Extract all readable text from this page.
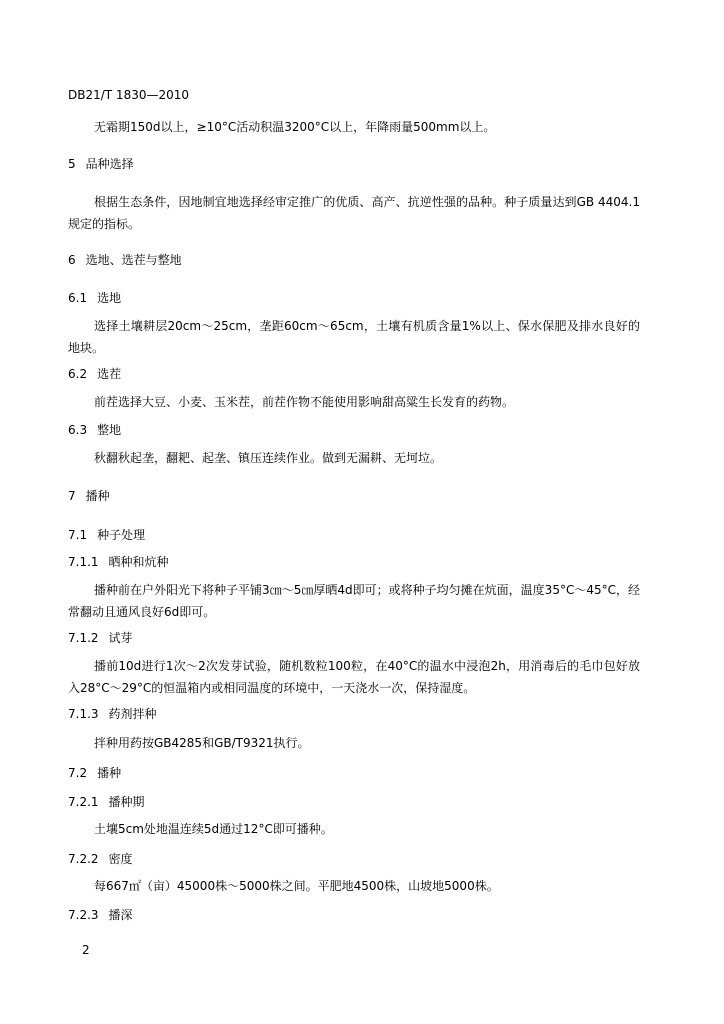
DB21/T 1830—2010
无霜期150d以上，≥10°C活动积温3200°C以上，年降雨量500mm以上。
5 品种选择
根据生态条件，因地制宜地选择经审定推广的优质、高产、抗逆性强的品种。种子质量达到GB 4404.1规定的指标。
6 选地、选茬与整地
6.1 选地
选择土壤耕层20cm～25cm，垄距60cm～65cm，土壤有机质含量1%以上、保水保肥及排水良好的地块。
6.2 选茬
前茬选择大豆、小麦、玉米茬，前茬作物不能使用影响甜高粱生长发育的药物。
6.3 整地
秋翻秋起垄，翻耙、起垄、镇压连续作业。做到无漏耕、无坷垃。
7 播种
7.1 种子处理
7.1.1 晒种和炕种
播种前在户外阳光下将种子平铺3㎝～5㎝厚晒4d即可；或将种子均匀摊在炕面，温度35°C～45°C，经常翻动且通风良好6d即可。
7.1.2 试芽
播前10d进行1次～2次发芽试验，随机数粒100粒，在40°C的温水中浸泡2h，用消毒后的毛巾包好放入28°C～29°C的恒温箱内或相同温度的环境中，一天浇水一次，保持湿度。
7.1.3 药剂拌种
拌种用药按GB4285和GB/T9321执行。
7.2 播种
7.2.1 播种期
土壤5cm处地温连续5d通过12°C即可播种。
7.2.2 密度
每667㎡（亩）45000株～5000株之间。平肥地4500株，山坡地5000株。
7.2.3 播深
2
